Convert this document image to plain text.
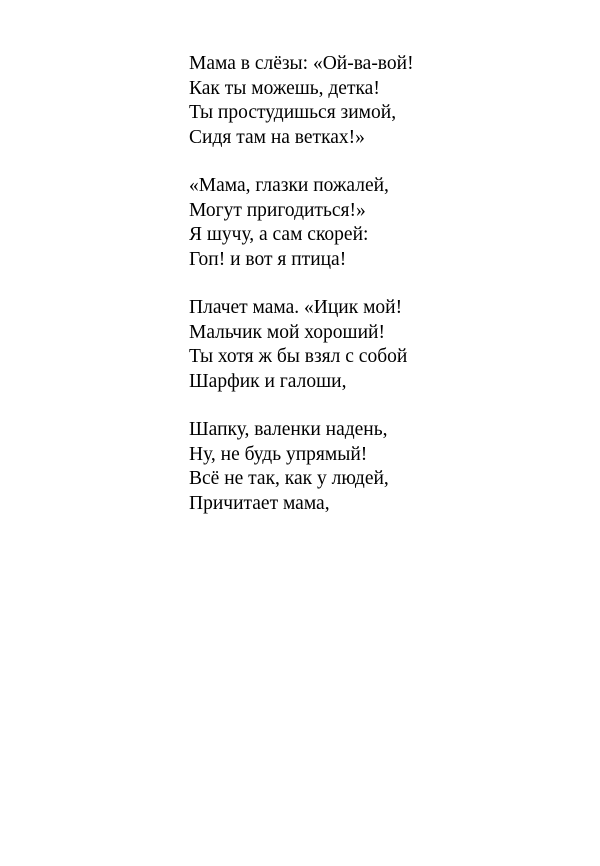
Мама в слёзы: «Ой-ва-вой!
Как ты можешь, детка!
Ты простудишься зимой,
Сидя там на ветках!»
«Мама, глазки пожалей,
Могут пригодиться!»
Я шучу, а сам скорей:
Гоп! и вот я птица!
Плачет мама. «Ицик мой!
Мальчик мой хороший!
Ты хотя ж бы взял с собой
Шарфик и галоши,
Шапку, валенки надень,
Ну, не будь упрямый!
Всё не так, как у людей,
Причитает мама,
